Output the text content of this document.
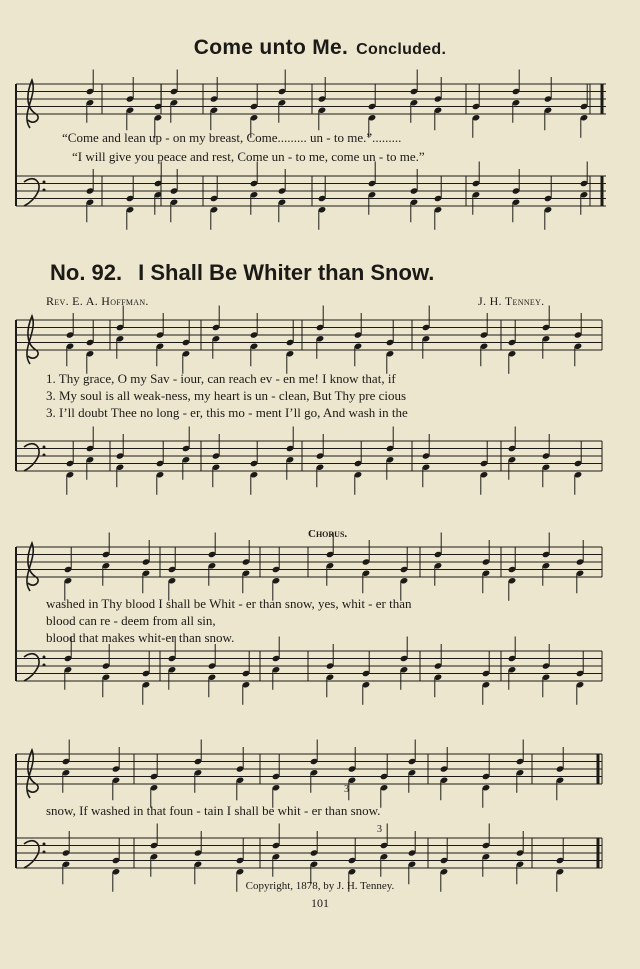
Come unto Me. Concluded.
“Come and lean up - on my breast, Come......... un - to me.”.........
“I will give you peace and rest, Come un - to me, come un - to me.”
No. 92. I Shall Be Whiter than Snow.
Rev. E. A. Hoffman.	J. H. Tenney.
1. Thy grace, O my Sav - iour, can reach ev - en me! I know that, if
3. My soul is all weak-ness, my heart is un - clean, But Thy pre cious
3. I’ll doubt Thee no long - er, this mo - ment I’ll go, And wash in the
Chorus.
washed in Thy blood I shall be Whit - er than snow, yes, whit - er than
blood can re - deem from all sin,
blood that makes whit-er than snow.
snow, If washed in that foun - tain I shall be whit - er than snow.
3
3
Copyright, 1878, by J. H. Tenney.
101
